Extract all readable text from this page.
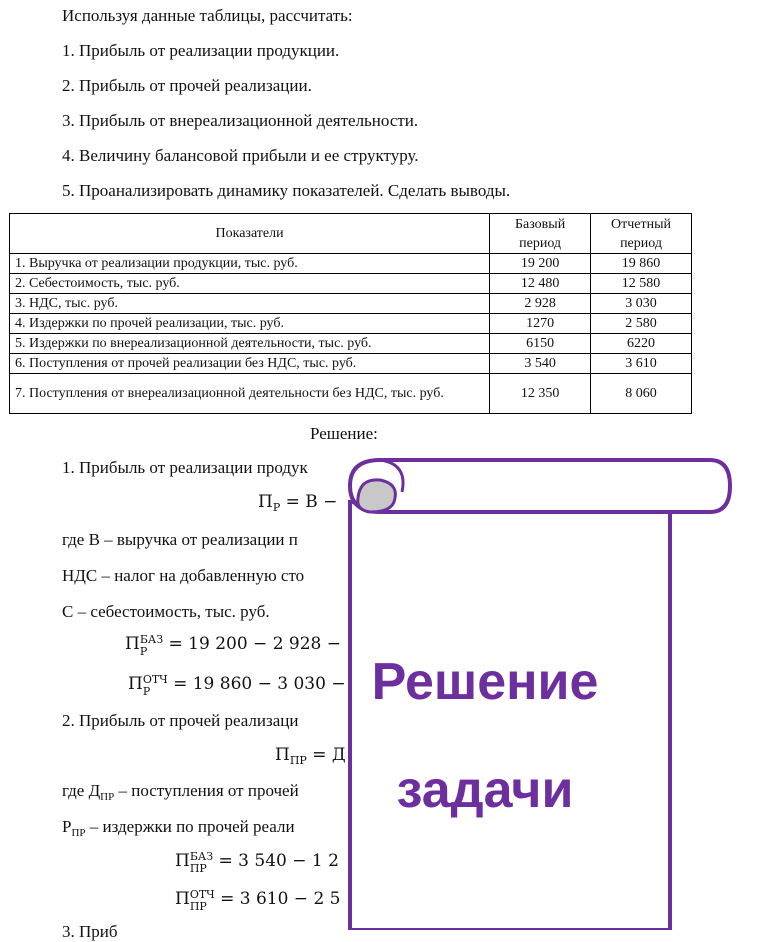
Используя данные таблицы, рассчитать:
1. Прибыль от реализации продукции.
2. Прибыль от прочей реализации.
3. Прибыль от внереализационной деятельности.
4. Величину балансовой прибыли и ее структуру.
5. Проанализировать динамику показателей. Сделать выводы.
Показатели	Базовый период	Отчетный период
1. Выручка от реализации продукции, тыс. руб.	19 200	19 860
2. Себестоимость, тыс. руб.	12 480	12 580
3. НДС, тыс. руб.	2 928	3 030
4. Издержки по прочей реализации, тыс. руб.	1270	2 580
5. Издержки по внереализационной деятельности, тыс. руб.	6150	6220
6. Поступления от прочей реализации без НДС, тыс. руб.	3 540	3 610
7. Поступления от внереализационной деятельности без НДС, тыс. руб.	12 350	8 060
Решение:
1. Прибыль от реализации продук
$П_Р = В$ −
где В – выручка от реализации п
НДС – налог на добавленную сто
С – себестоимость, тыс. руб.
ПБАЗ
Р = 19 200 − 2 928 −
ПОТЧ
Р = 19 860 − 3 030 −
2. Прибыль от прочей реализаци
$П_{ПР} = Д$
где $Д_{ПР}$ – поступления от прочей
$Р_{ПР}$ – издержки по прочей реали
ПБАЗ
ПР = 3 540 − 1 2
ПОТЧ
ПР = 3 610 − 2 5
3. Приб
Решение
задачи
